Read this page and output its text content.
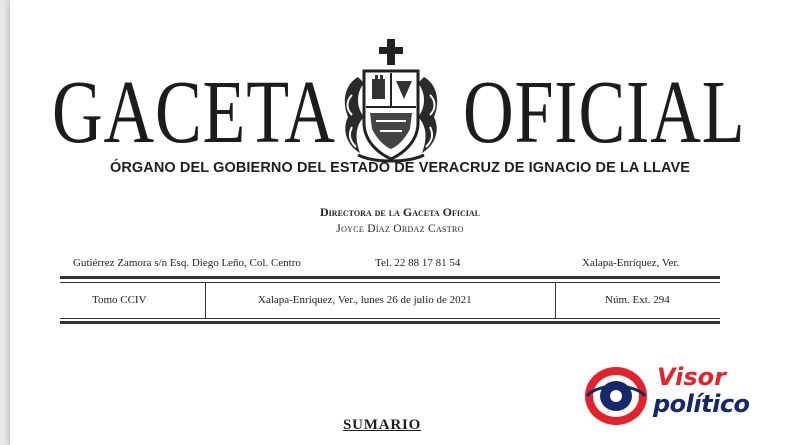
GACETA OFICIAL
ÓRGANO DEL GOBIERNO DEL ESTADO DE VERACRUZ DE IGNACIO DE LA LLAVE
Directora de la Gaceta Oficial
Joyce Díaz Ordaz Castro
Gutiérrez Zamora s/n Esq. Diego Leño, Col. Centro	Tel. 22 88 17 81 54	Xalapa-Enríquez, Ver.
Tomo CCIV	Xalapa-Enríquez, Ver., lunes 26 de julio de 2021	Núm. Ext. 294
SUMARIO
Visor
político
